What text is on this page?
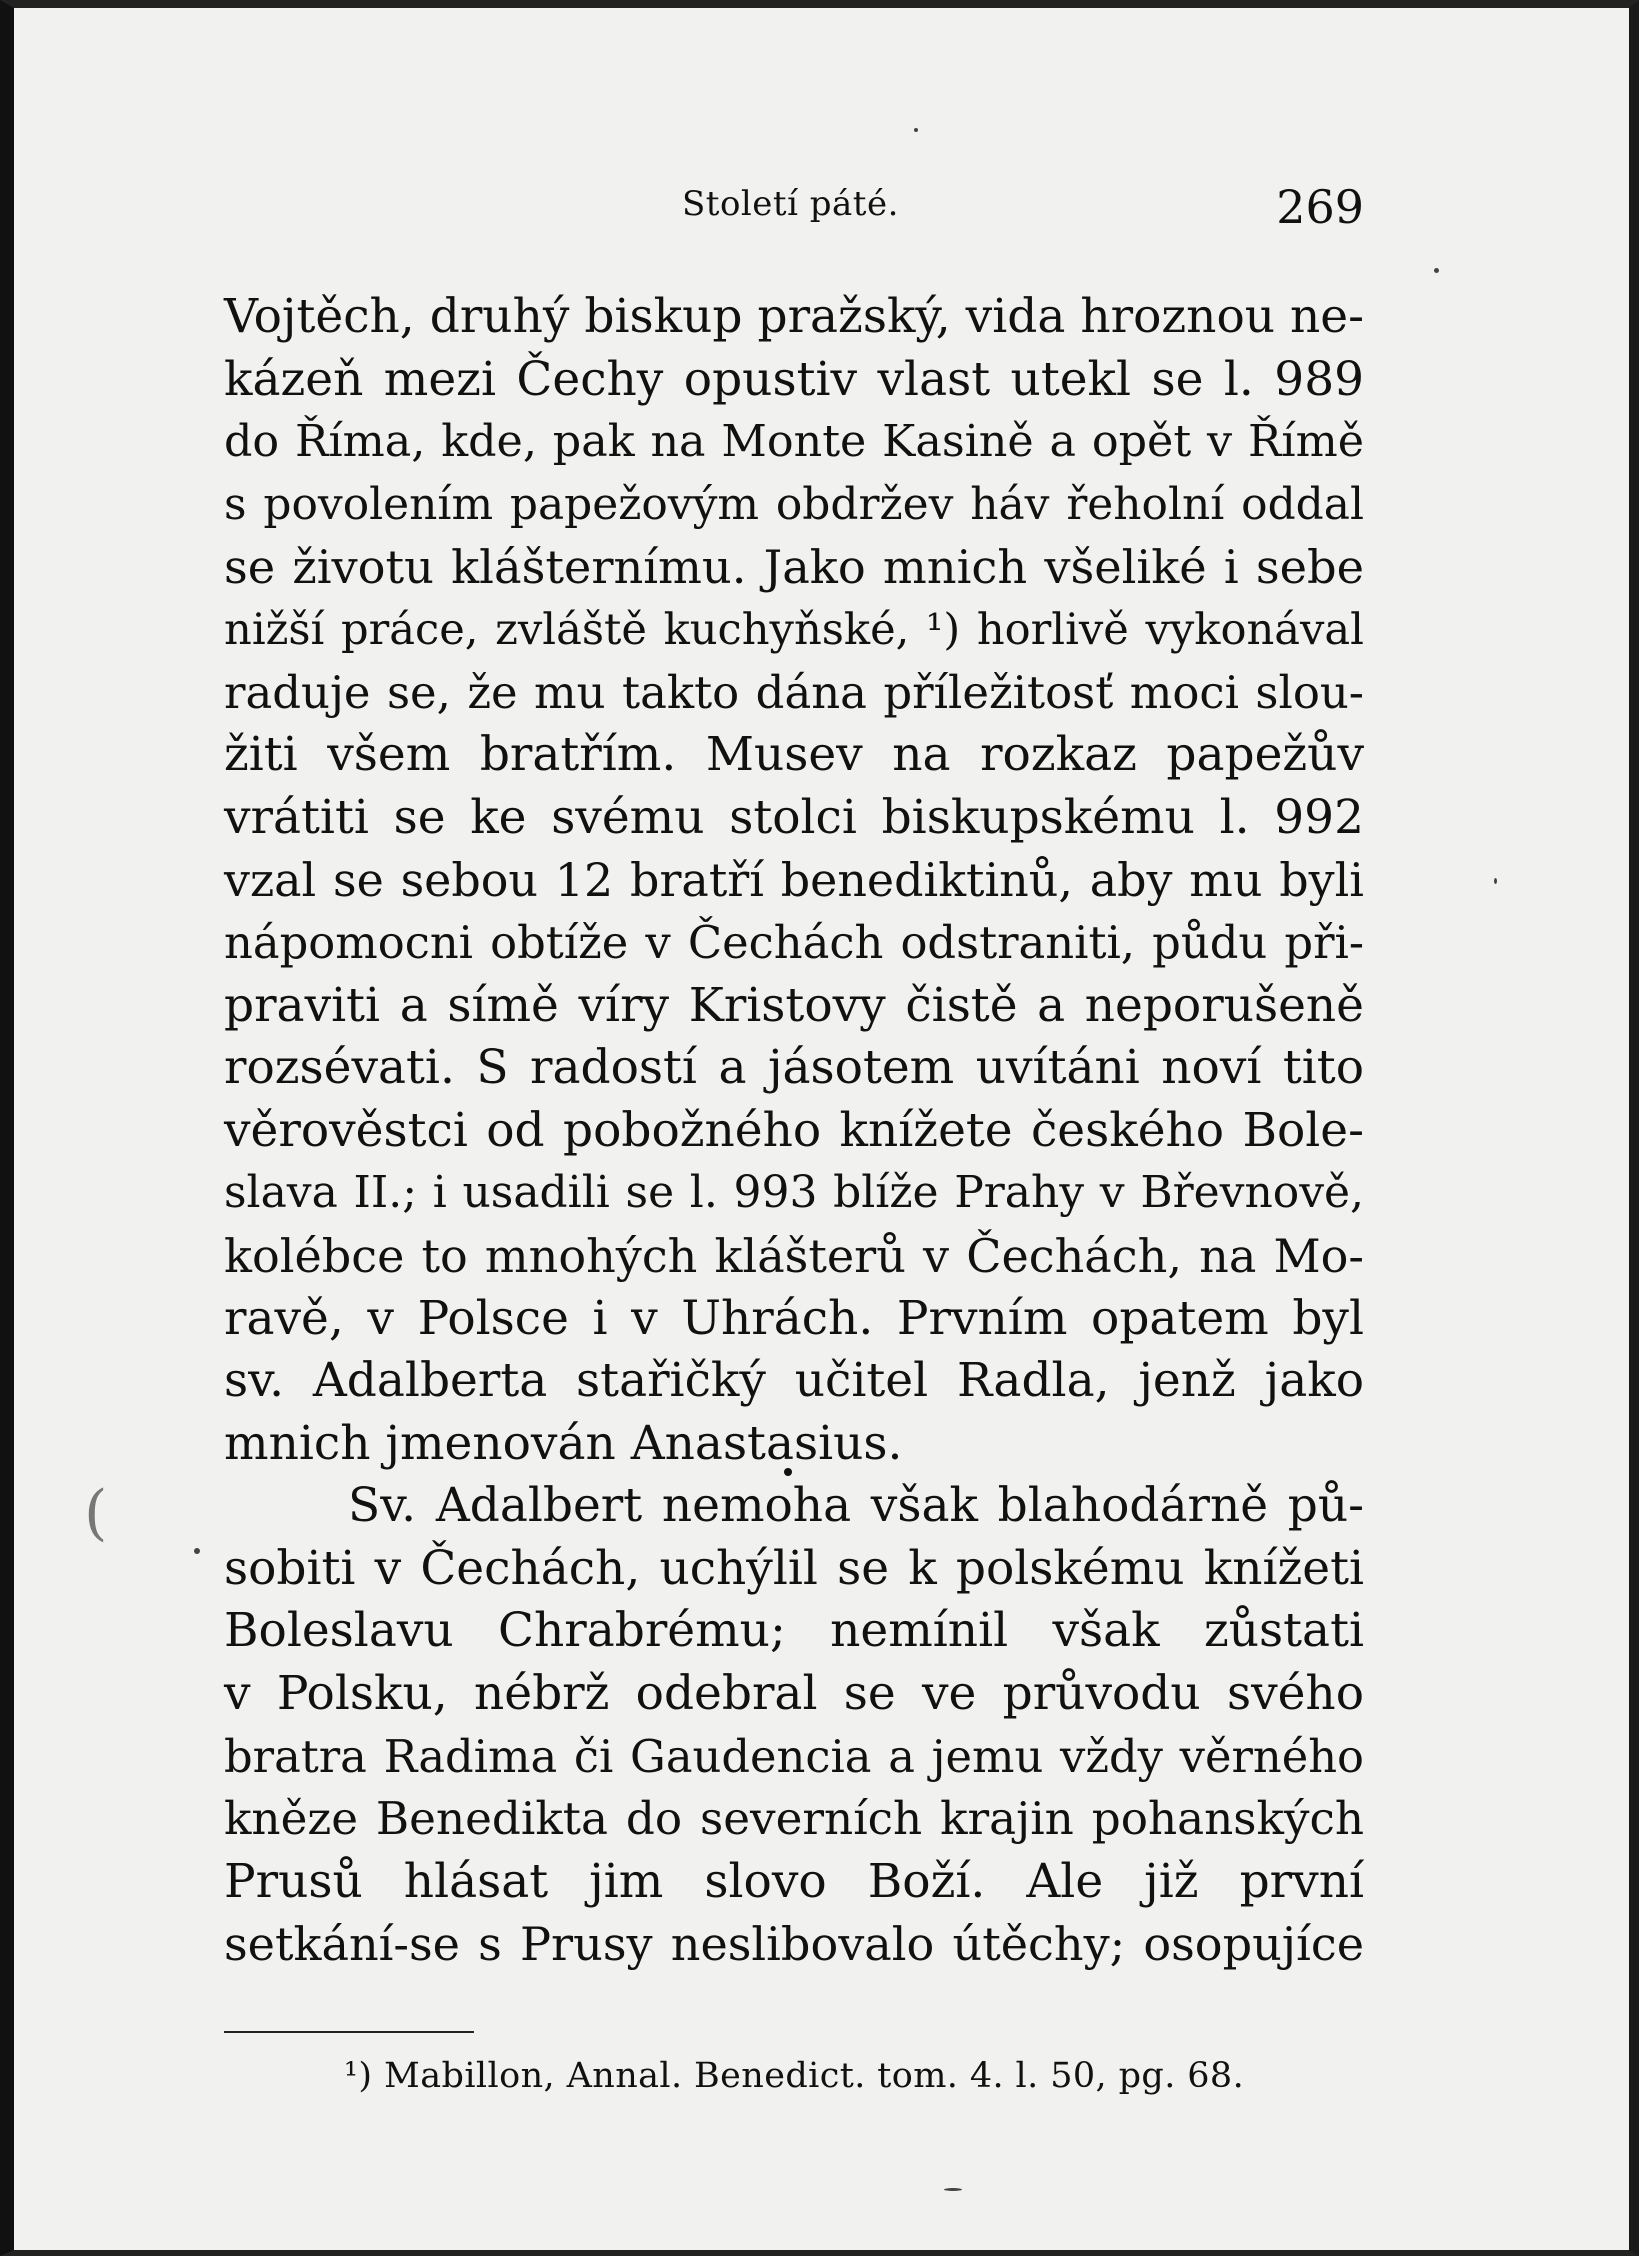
(
Století páté.	269
Vojtěch, druhý biskup pražský, vida hroznou ne-
kázeň mezi Čechy opustiv vlast utekl se l. 989
do Říma, kde, pak na Monte Kasině a opět v Římě
s povolením papežovým obdržev háv řeholní oddal
se životu klášternímu. Jako mnich všeliké i sebe
nižší práce, zvláště kuchyňské, ¹) horlivě vykonával
raduje se, že mu takto dána příležitosť moci slou-
žiti všem bratřím. Musev na rozkaz papežův
vrátiti se ke svému stolci biskupskému l. 992
vzal se sebou 12 bratří benediktinů, aby mu byli
nápomocni obtíže v Čechách odstraniti, půdu při-
praviti a símě víry Kristovy čistě a neporušeně
rozsévati. S radostí a jásotem uvítáni noví tito
věrověstci od pobožného knížete českého Bole-
slava II.; i usadili se l. 993 blíže Prahy v Břevnově,
kolébce to mnohých klášterů v Čechách, na Mo-
ravě, v Polsce i v Uhrách. Prvním opatem byl
sv. Adalberta stařičký učitel Radla, jenž jako
mnich jmenován Anastasius.
Sv. Adalbert nemoha však blahodárně pů-
sobiti v Čechách, uchýlil se k polskému knížeti
Boleslavu Chrabrému; nemínil však zůstati
v Polsku, nébrž odebral se ve průvodu svého
bratra Radima či Gaudencia a jemu vždy věrného
kněze Benedikta do severních krajin pohanských
Prusů hlásat jim slovo Boží. Ale již první
setkání-se s Prusy neslibovalo útěchy; osopujíce
¹) Mabillon, Annal. Benedict. tom. 4. l. 50, pg. 68.
